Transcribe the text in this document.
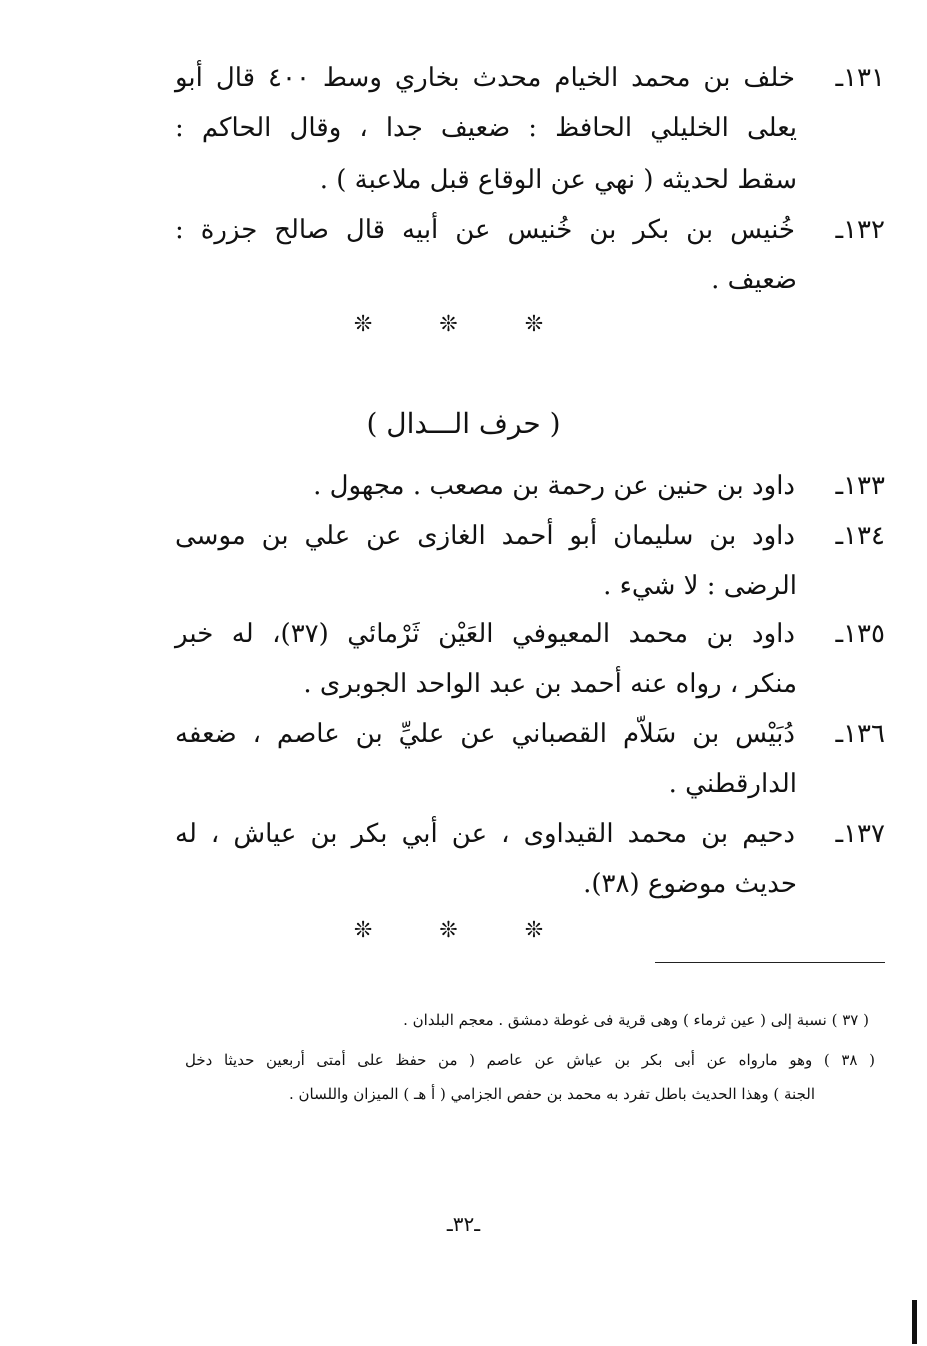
١٣١ـخلف بن محمد الخيام محدث بخاري وسط ٤٠٠ قال أبو
يعلى الخليلي الحافظ : ضعيف جدا ، وقال الحاكم :
سقط لحديثه ( نهي عن الوقاع قبل ملاعبة ) .
١٣٢ـخُنيس بن بكر بن خُنيس عن أبيه قال صالح جزرة :
ضعيف .
❊ ❊ ❊
( حرف الـــدال )
١٣٣ـداود بن حنين عن رحمة بن مصعب . مجهول .
١٣٤ـداود بن سليمان أبو أحمد الغازى عن علي بن موسى
الرضى : لا شيء .
١٣٥ـداود بن محمد المعيوفي العَيْن ثَرْمائي (٣٧)، له خبر
منكر ، رواه عنه أحمد بن عبد الواحد الجوبرى .
١٣٦ـدُبَيْس بن سَلاّم القصباني عن عليِّ بن عاصم ، ضعفه
الدارقطني .
١٣٧ـدحيم بن محمد القيداوى ، عن أبي بكر بن عياش ، له
حديث موضوع (٣٨).
❊ ❊ ❊
( ٣٧ ) نسبة إلى ( عين ثرماء ) وهى قرية فى غوطة دمشق . معجم البلدان .
( ٣٨ ) وهو مارواه عن أبى بكر بن عياش عن عاصم ( من حفظ على أمتى أربعين حديثا دخل
الجنة ) وهذا الحديث باطل تفرد به محمد بن حفص الجزامي ( أ هـ ) الميزان واللسان .
ـ٣٢ـ
